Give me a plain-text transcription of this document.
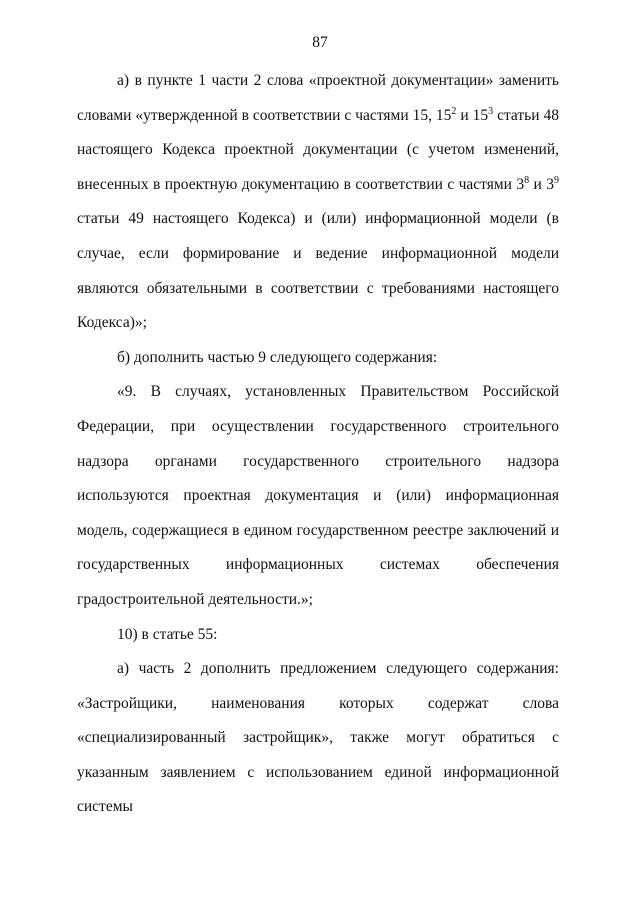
87

а) в пункте 1 части 2 слова «проектной документации» заменить словами «утвержденной в соответствии с частями 15, $15^2$ и $15^3$ статьи 48 настоящего Кодекса проектной документации (с учетом изменений, внесенных в проектную документацию в соответствии с частями $3^8$ и $3^9$ статьи 49 настоящего Кодекса) и (или) информационной модели (в случае, если формирование и ведение информационной модели являются обязательными в соответствии с требованиями настоящего Кодекса)»;

б) дополнить частью 9 следующего содержания:

«9. В случаях, установленных Правительством Российской Федерации, при осуществлении государственного строительного надзора органами государственного строительного надзора используются проектная документация и (или) информационная модель, содержащиеся в едином государственном реестре заключений и государственных информационных системах обеспечения градостроительной деятельности.»;

10) в статье 55:

а) часть 2 дополнить предложением следующего содержания: «Застройщики, наименования которых содержат слова «специализированный застройщик», также могут обратиться с указанным заявлением с использованием единой информационной системы
